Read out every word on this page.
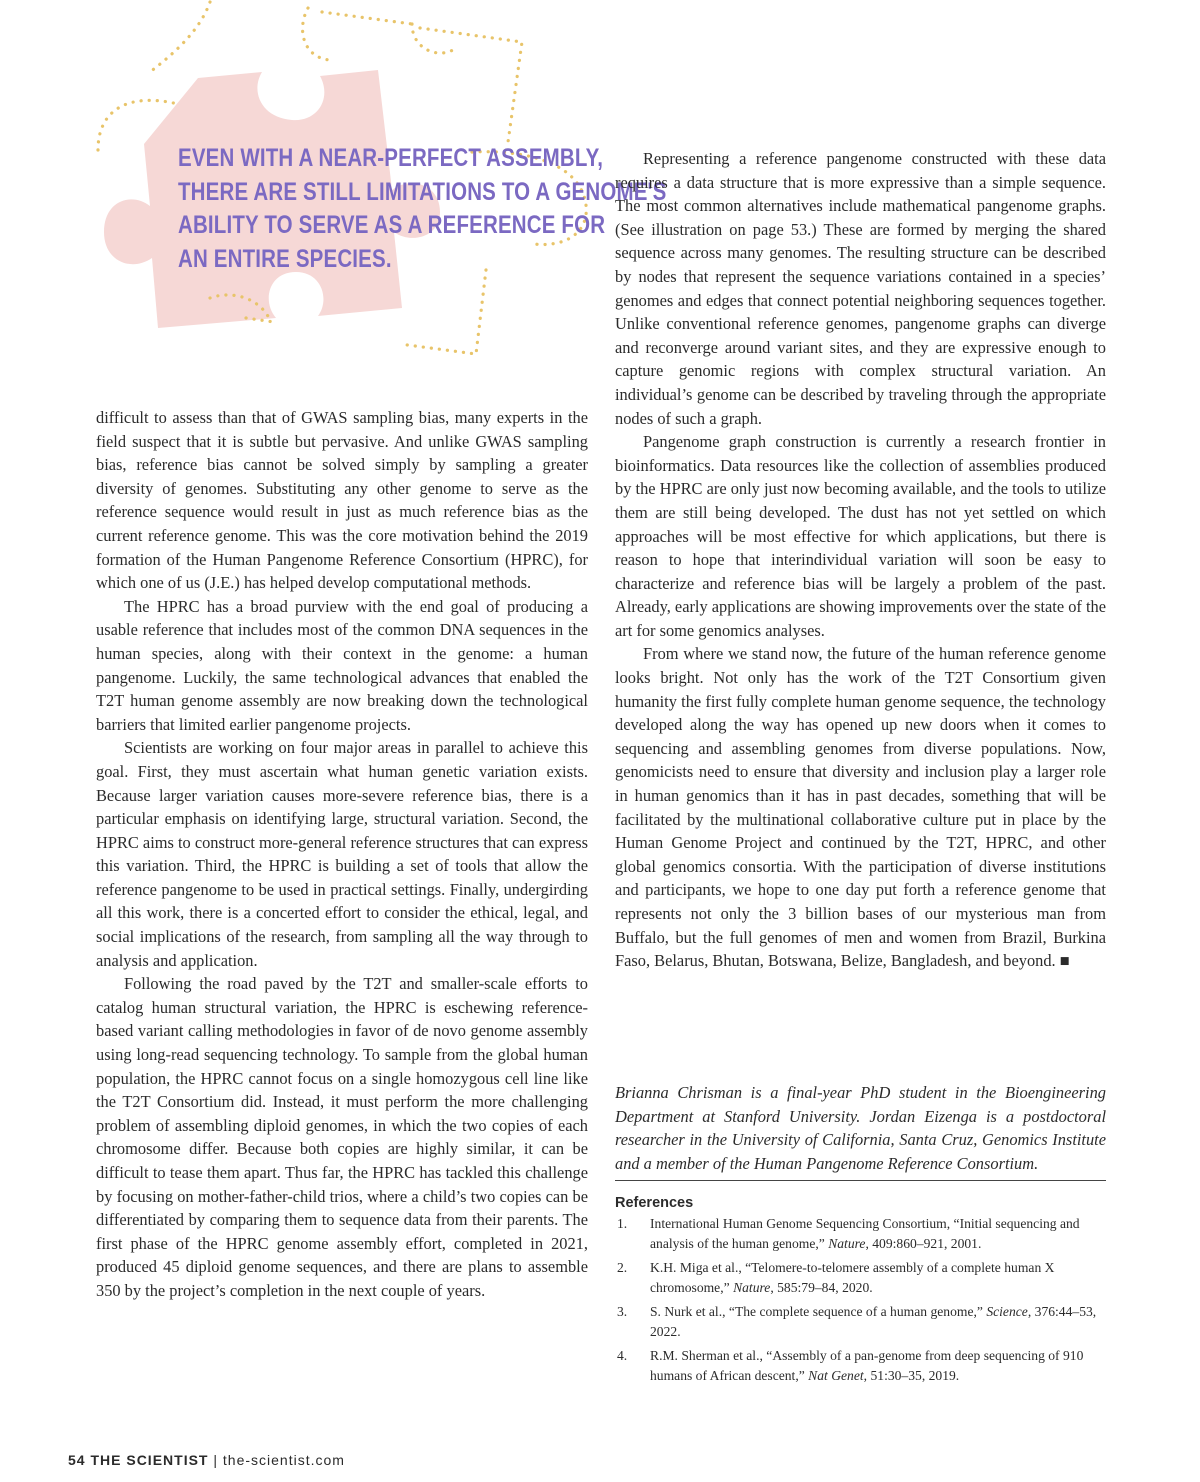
EVEN WITH A NEAR-PERFECT ASSEMBLY,
THERE ARE STILL LIMITATIONS TO A GENOME'S
ABILITY TO SERVE AS A REFERENCE FOR
AN ENTIRE SPECIES.

difficult to assess than that of GWAS sampling bias, many experts in the field suspect that it is subtle but pervasive. And unlike GWAS sampling bias, reference bias cannot be solved simply by sampling a greater diversity of genomes. Substituting any other genome to serve as the reference sequence would result in just as much reference bias as the current reference genome. This was the core motivation behind the 2019 formation of the Human Pangenome Reference Consortium (HPRC), for which one of us (J.E.) has helped develop computational methods.

The HPRC has a broad purview with the end goal of producing a usable reference that includes most of the common DNA sequences in the human species, along with their context in the genome: a human pangenome. Luckily, the same technological advances that enabled the T2T human genome assembly are now breaking down the technological barriers that limited earlier pangenome projects.

Scientists are working on four major areas in parallel to achieve this goal. First, they must ascertain what human genetic variation exists. Because larger variation causes more-severe reference bias, there is a particular emphasis on identifying large, structural variation. Second, the HPRC aims to construct more-general reference structures that can express this variation. Third, the HPRC is building a set of tools that allow the reference pangenome to be used in practical settings. Finally, undergirding all this work, there is a concerted effort to consider the ethical, legal, and social implications of the research, from sampling all the way through to analysis and application.

Following the road paved by the T2T and smaller-scale efforts to catalog human structural variation, the HPRC is eschewing reference-based variant calling methodologies in favor of de novo genome assembly using long-read sequencing technology. To sample from the global human population, the HPRC cannot focus on a single homozygous cell line like the T2T Consortium did. Instead, it must perform the more challenging problem of assembling diploid genomes, in which the two copies of each chromosome differ. Because both copies are highly similar, it can be difficult to tease them apart. Thus far, the HPRC has tackled this challenge by focusing on mother-father-child trios, where a child’s two copies can be differentiated by comparing them to sequence data from their parents. The first phase of the HPRC genome assembly effort, completed in 2021, produced 45 diploid genome sequences, and there are plans to assemble 350 by the project’s completion in the next couple of years.

Representing a reference pangenome constructed with these data requires a data structure that is more expressive than a simple sequence. The most common alternatives include mathematical pangenome graphs. (See illustration on page 53.) These are formed by merging the shared sequence across many genomes. The resulting structure can be described by nodes that represent the sequence variations contained in a species’ genomes and edges that connect potential neighboring sequences together. Unlike conventional reference genomes, pangenome graphs can diverge and reconverge around variant sites, and they are expressive enough to capture genomic regions with complex structural variation. An individual’s genome can be described by traveling through the appropriate nodes of such a graph.

Pangenome graph construction is currently a research frontier in bioinformatics. Data resources like the collection of assemblies produced by the HPRC are only just now becoming available, and the tools to utilize them are still being developed. The dust has not yet settled on which approaches will be most effective for which applications, but there is reason to hope that interindividual variation will soon be easy to characterize and reference bias will be largely a problem of the past. Already, early applications are showing improvements over the state of the art for some genomics analyses.

From where we stand now, the future of the human reference genome looks bright. Not only has the work of the T2T Consortium given humanity the first fully complete human genome sequence, the technology developed along the way has opened up new doors when it comes to sequencing and assembling genomes from diverse populations. Now, genomicists need to ensure that diversity and inclusion play a larger role in human genomics than it has in past decades, something that will be facilitated by the multinational collaborative culture put in place by the Human Genome Project and continued by the T2T, HPRC, and other global genomics consortia. With the participation of diverse institutions and participants, we hope to one day put forth a reference genome that represents not only the 3 billion bases of our mysterious man from Buffalo, but the full genomes of men and women from Brazil, Burkina Faso, Belarus, Bhutan, Botswana, Belize, Bangladesh, and beyond. ■

Brianna Chrisman is a final-year PhD student in the Bioengineering Department at Stanford University. Jordan Eizenga is a postdoctoral researcher in the University of California, Santa Cruz, Genomics Institute and a member of the Human Pangenome Reference Consortium.

References
1. International Human Genome Sequencing Consortium, “Initial sequencing and analysis of the human genome,” Nature, 409:860–921, 2001.
2. K.H. Miga et al., “Telomere-to-telomere assembly of a complete human X chromosome,” Nature, 585:79–84, 2020.
3. S. Nurk et al., “The complete sequence of a human genome,” Science, 376:44–53, 2022.
4. R.M. Sherman et al., “Assembly of a pan-genome from deep sequencing of 910 humans of African descent,” Nat Genet, 51:30–35, 2019.
54 THE SCIENTIST | the-scientist.com
